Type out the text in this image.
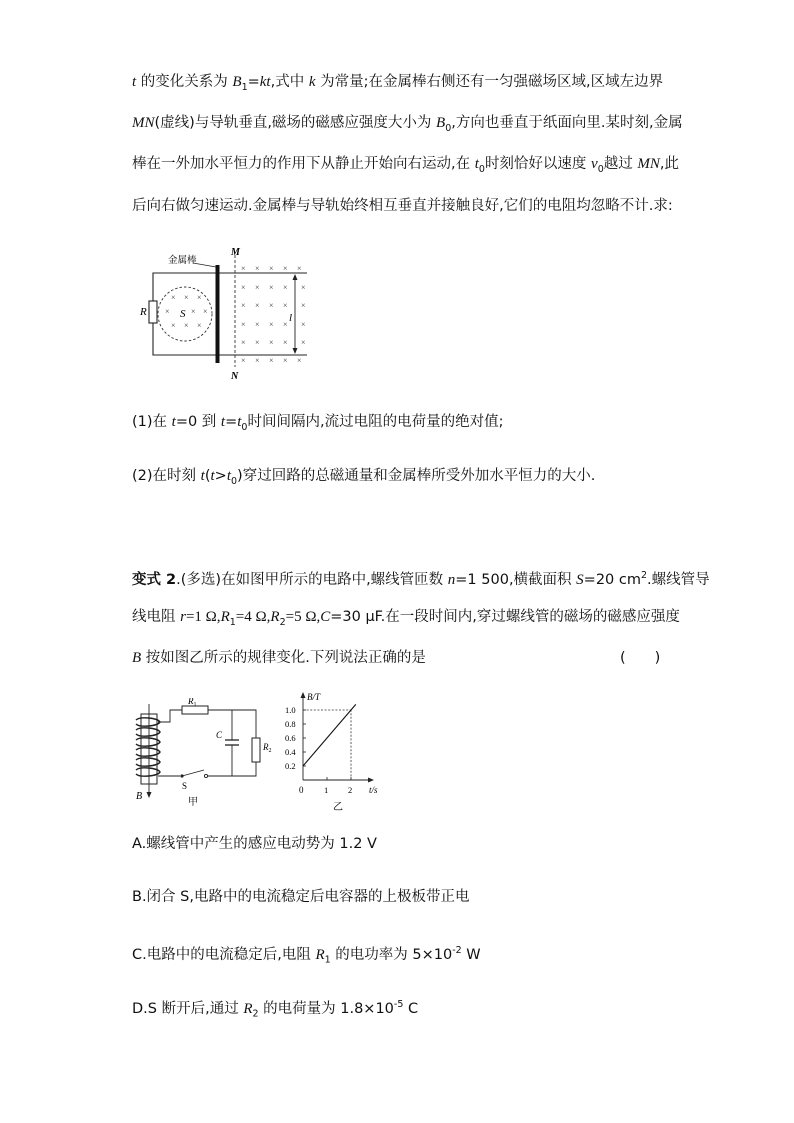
t 的变化关系为 $B_1=kt$,式中 k 为常量;在金属棒右侧还有一匀强磁场区域,区域左边界
MN(虚线)与导轨垂直,磁场的磁感应强度大小为 $B_0$,方向也垂直于纸面向里.某时刻,金属
棒在一外加水平恒力的作用下从静止开始向右运动,在 $t_0$时刻恰好以速度 $v_0$越过 MN,此
后向右做匀速运动.金属棒与导轨始终相互垂直并接触良好,它们的电阻均忽略不计.求:
R
金属棒
S
× × ×
×	× ×
× × ×
M
N
× × × × ×
× × × × ×
× × × × ×
× × × × ×
× × × × ×
× × × × ×
l
(1)在 t=0 到 $t=t_0$时间间隔内,流过电阻的电荷量的绝对值;
(2)在时刻 $t(t>t_0)$穿过回路的总磁通量和金属棒所受外加水平恒力的大小.
变式 2.(多选)在如图甲所示的电路中,螺线管匝数 n=1 500,横截面积 S=20 $cm^2$.螺线管导
线电阻 r=1 $\Omega,R_1=4$ $\Omega,R_2=5$ Ω,C=30 μF.在一段时间内,穿过螺线管的磁场的磁感应强度
B 按如图乙所示的规律变化.下列说法正确的是	(　　)
B
$R_1$
$R_2$
C
S
甲
B/T
t/s
0
0.2
0.4
0.6
0.8
1.0
1 2
乙
A.螺线管中产生的感应电动势为 1.2 V
B.闭合 S,电路中的电流稳定后电容器的上极板带正电
C.电路中的电流稳定后,电阻 $R_1$ 的电功率为 $5\times 10^{-2}$ W
D.S 断开后,通过 $R_2$ 的电荷量为 $1.8\times 10^{-5}$ C
